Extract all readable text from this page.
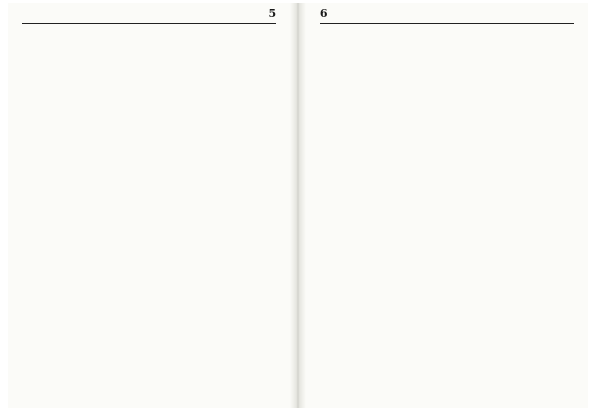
5	6
